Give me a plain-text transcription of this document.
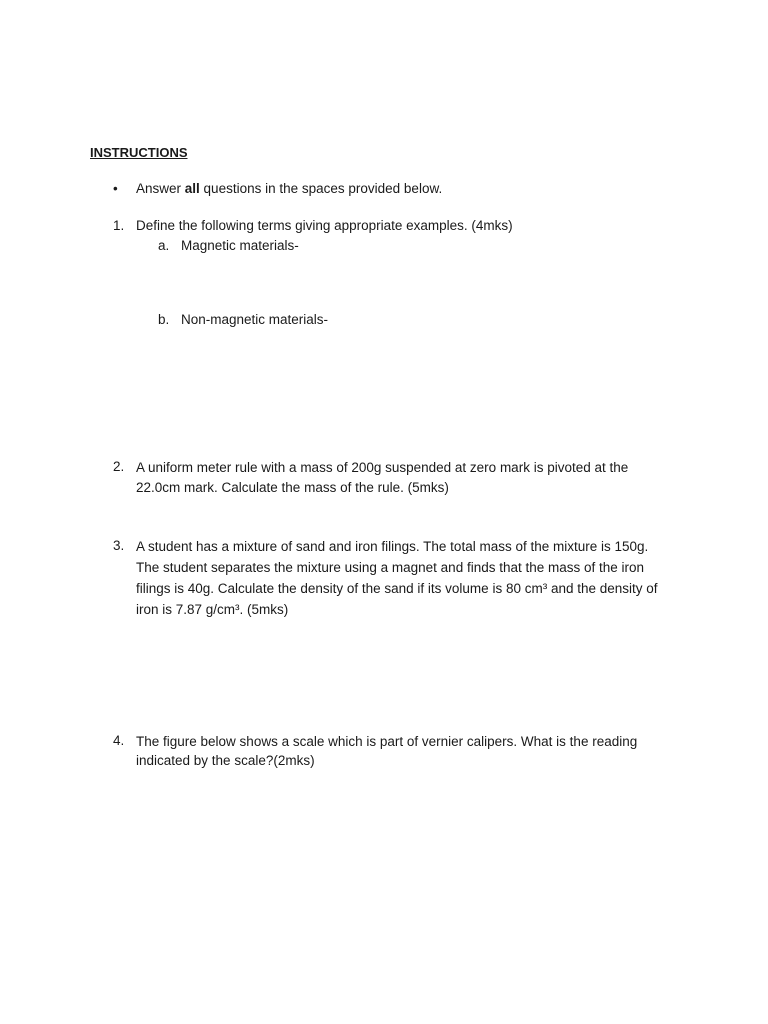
INSTRUCTIONS
• Answer all questions in the spaces provided below.
1. Define the following terms giving appropriate examples. (4mks)
a. Magnetic materials-
b. Non-magnetic materials-
2. A uniform meter rule with a mass of 200g suspended at zero mark is pivoted at the
22.0cm mark. Calculate the mass of the rule. (5mks)
3. A student has a mixture of sand and iron filings. The total mass of the mixture is 150g.
The student separates the mixture using a magnet and finds that the mass of the iron
filings is 40g. Calculate the density of the sand if its volume is 80 cm³ and the density of
iron is 7.87 g/cm³. (5mks)
4. The figure below shows a scale which is part of vernier calipers. What is the reading
indicated by the scale?(2mks)
